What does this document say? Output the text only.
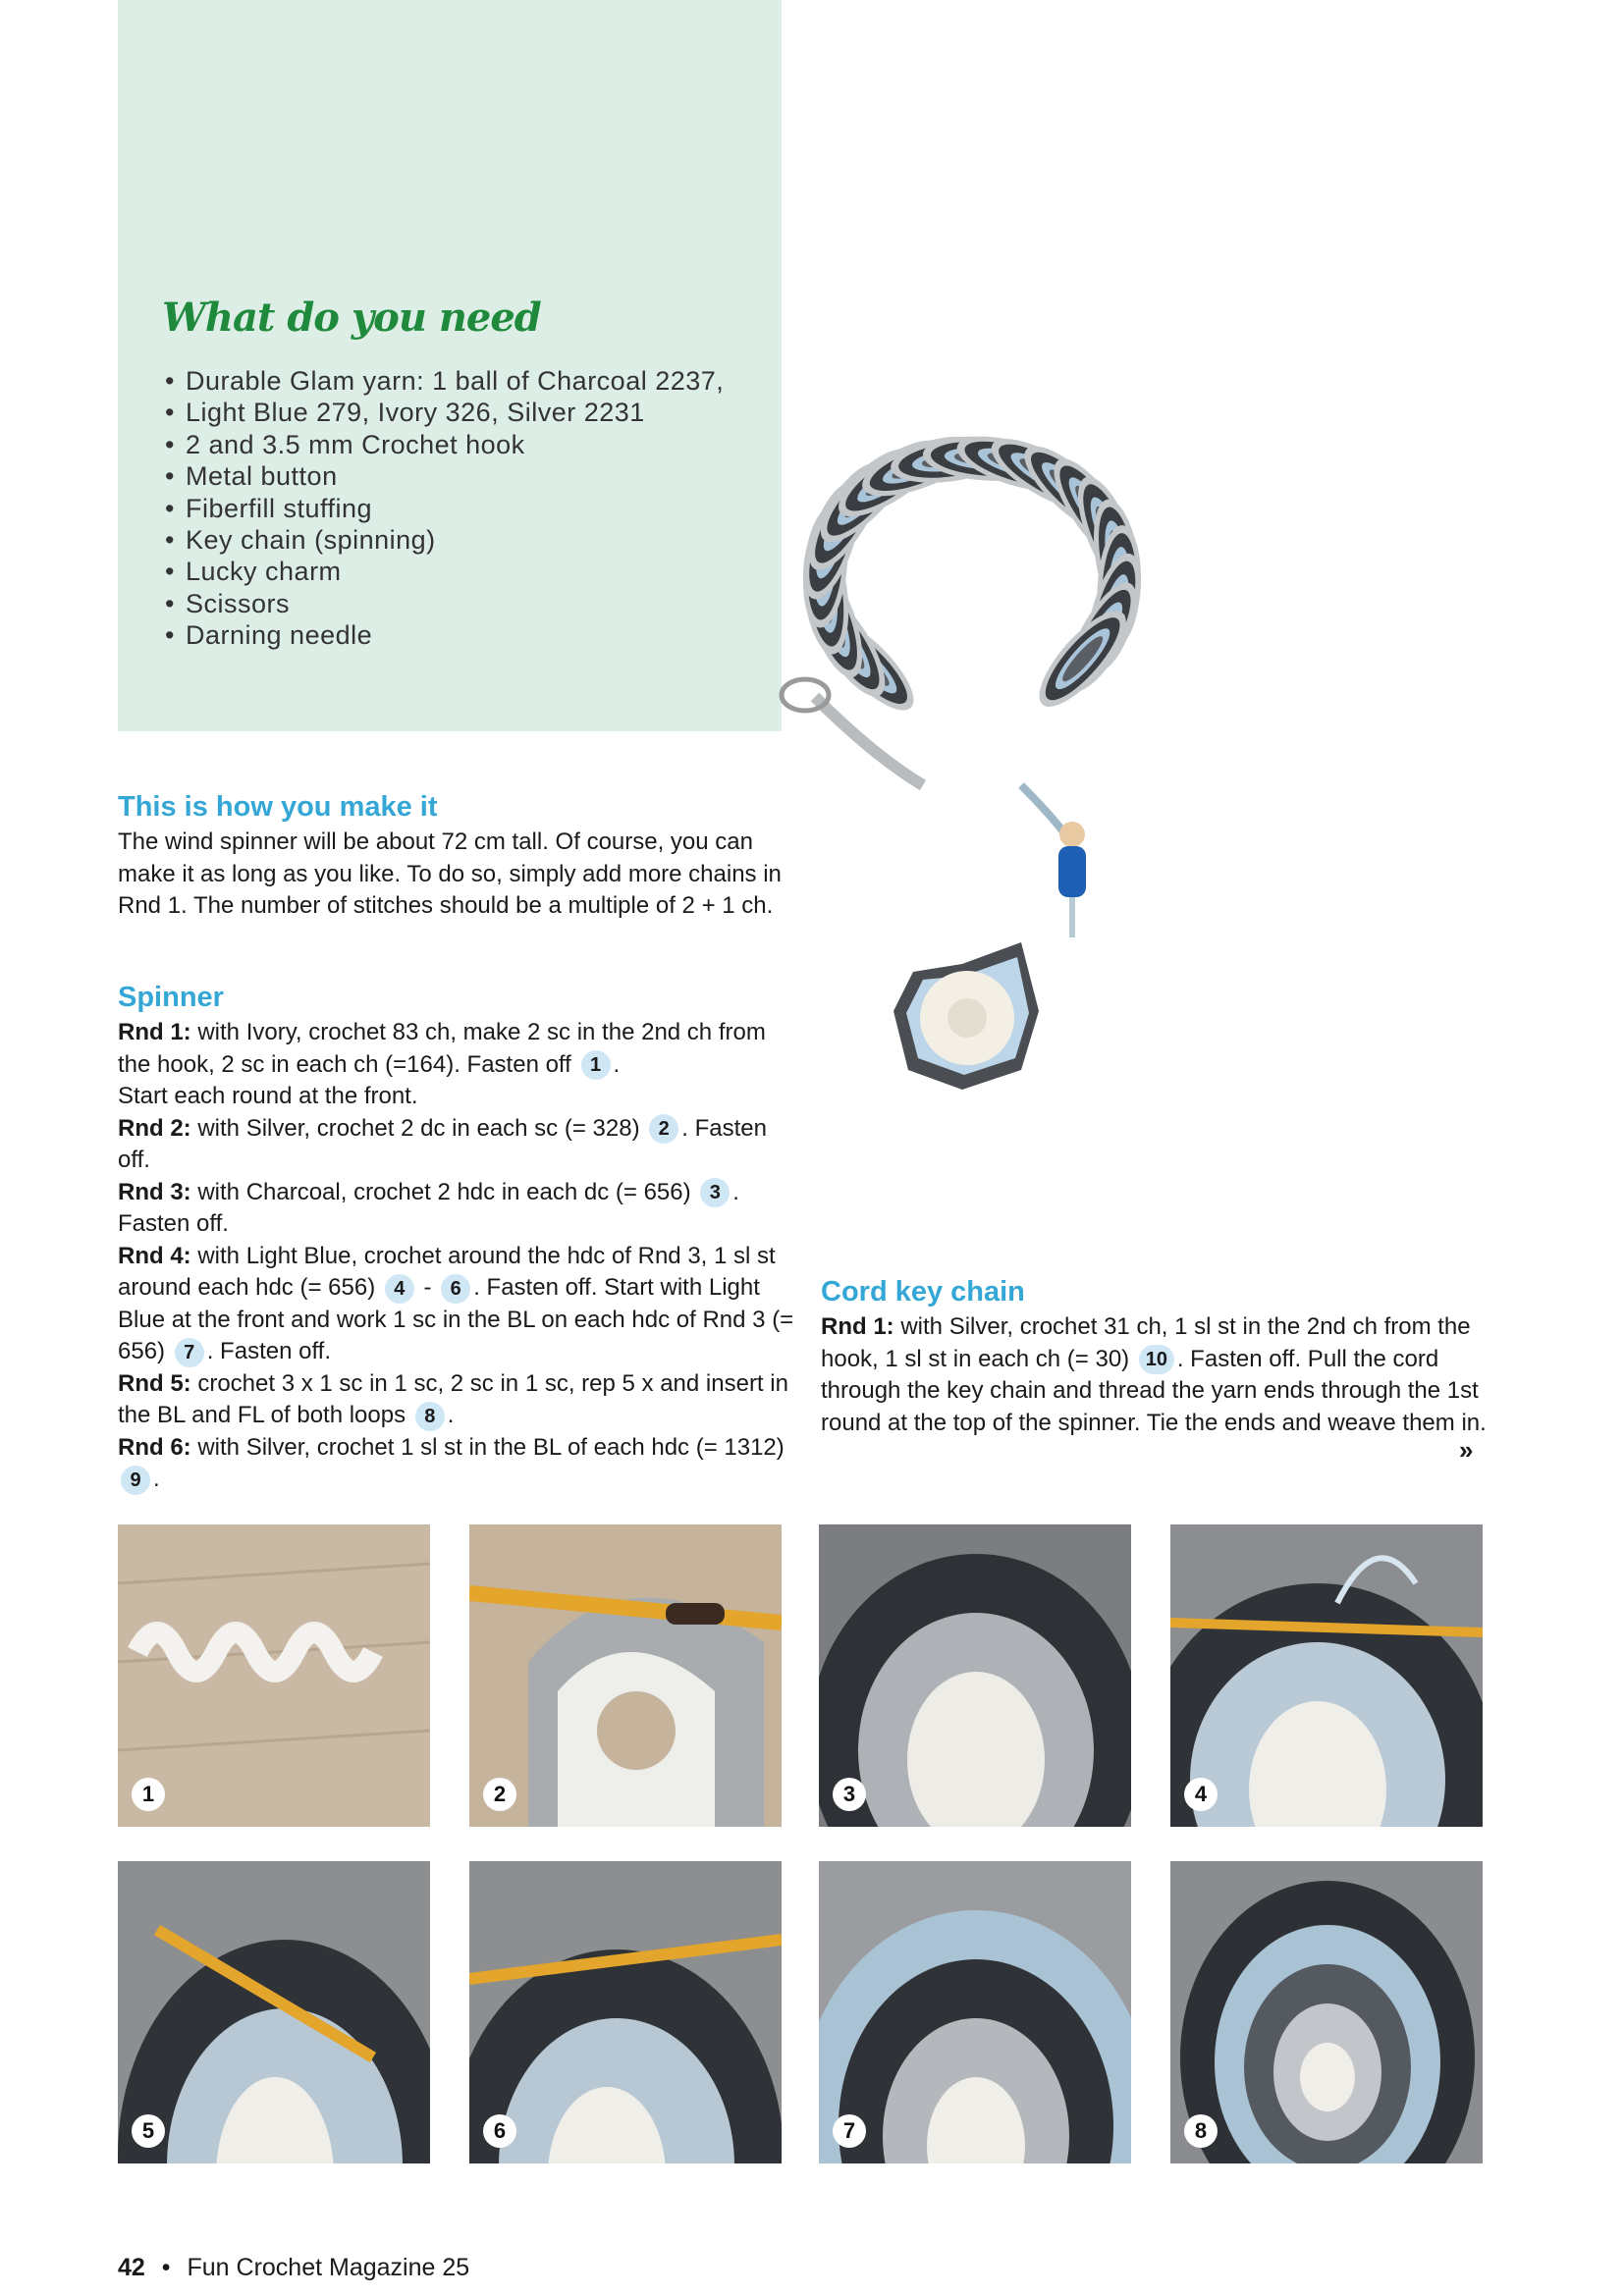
What do you need
• Durable Glam yarn: 1 ball of Charcoal 2237,
• Light Blue 279, Ivory 326, Silver 2231
• 2 and 3.5 mm Crochet hook
• Metal button
• Fiberfill stuffing
• Key chain (spinning)
• Lucky charm
• Scissors
• Darning needle
This is how you make it

The wind spinner will be about 72 cm tall. Of course, you can make it as long as you like. To do so, simply add more chains in Rnd 1. The number of stitches should be a multiple of 2 + 1 ch.

Spinner

Rnd 1: with Ivory, crochet 83 ch, make 2 sc in the 2nd ch from the hook, 2 sc in each ch (=164). Fasten off 1 .

Start each round at the front.

Rnd 2: with Silver, crochet 2 dc in each sc (= 328) 2 . Fasten off.

Rnd 3: with Charcoal, crochet 2 hdc in each dc (= 656) 3 . Fasten off.

Rnd 4: with Light Blue, crochet around the hdc of Rnd 3, 1 sl st around each hdc (= 656) 4 - 6 . Fasten off. Start with Light Blue at the front and work 1 sc in the BL on each hdc of Rnd 3 (= 656) 7 . Fasten off.

Rnd 5: crochet 3 x 1 sc in 1 sc, 2 sc in 1 sc, rep 5 x and insert in the BL and FL of both loops 8 .

Rnd 6: with Silver, crochet 1 sl st in the BL of each hdc (= 1312) 9 .

Cord key chain

Rnd 1: with Silver, crochet 31 ch, 1 sl st in the 2nd ch from the hook, 1 sl st in each ch (= 30) 10 . Fasten off. Pull the cord through the key chain and thread the yarn ends through the 1st round at the top of the spinner. Tie the ends and weave them in.

»
1	2	3	4
5	6	7	8
42 • Fun Crochet Magazine 25
